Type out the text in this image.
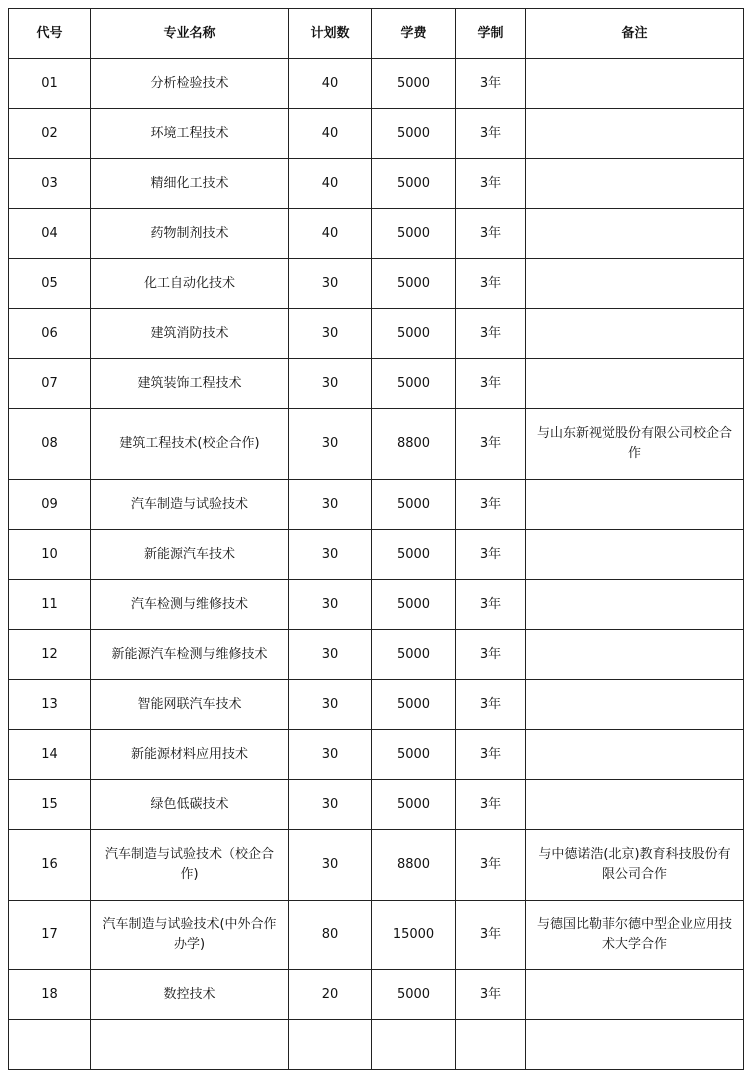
代号	专业名称	计划数	学费	学制	备注
01	分析检验技术	40	5000	3年	
02	环境工程技术	40	5000	3年	
03	精细化工技术	40	5000	3年	
04	药物制剂技术	40	5000	3年	
05	化工自动化技术	30	5000	3年	
06	建筑消防技术	30	5000	3年	
07	建筑装饰工程技术	30	5000	3年	
08	建筑工程技术(校企合作)	30	8800	3年	与山东新视觉股份有限公司校企合作
09	汽车制造与试验技术	30	5000	3年	
10	新能源汽车技术	30	5000	3年	
11	汽车检测与维修技术	30	5000	3年	
12	新能源汽车检测与维修技术	30	5000	3年	
13	智能网联汽车技术	30	5000	3年	
14	新能源材料应用技术	30	5000	3年	
15	绿色低碳技术	30	5000	3年	
16	汽车制造与试验技术（校企合作)	30	8800	3年	与中德诺浩(北京)教育科技股份有限公司合作
17	汽车制造与试验技术(中外合作办学)	80	15000	3年	与德国比勒菲尔德中型企业应用技术大学合作
18	数控技术	20	5000	3年	
